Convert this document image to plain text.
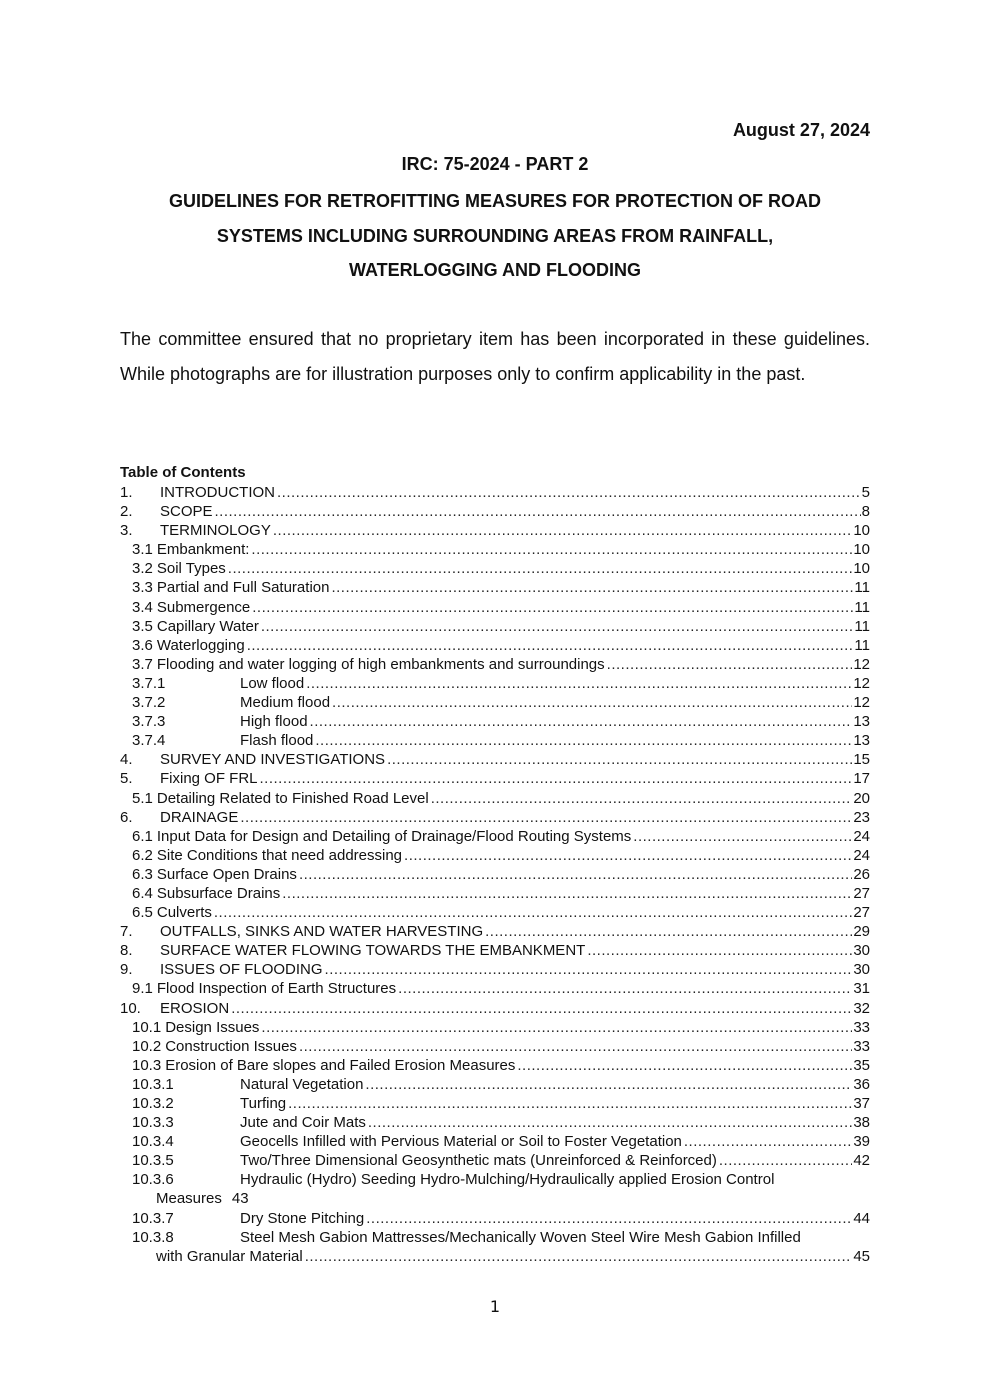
August 27, 2024
IRC: 75-2024 - PART 2
GUIDELINES FOR RETROFITTING MEASURES FOR PROTECTION OF ROAD
SYSTEMS INCLUDING SURROUNDING AREAS FROM RAINFALL,
WATERLOGGING AND FLOODING

The committee ensured that no proprietary item has been incorporated in these guidelines. While photographs are for illustration purposes only to confirm applicability in the past.

Table of Contents
1.	INTRODUCTION .....	5
2.	SCOPE .....	8
3.	TERMINOLOGY .....	10
3.1 Embankment: .....	10
3.2 Soil Types .....	10
3.3 Partial and Full Saturation .....	11
3.4 Submergence .....	11
3.5 Capillary Water .....	11
3.6 Waterlogging .....	11
3.7 Flooding and water logging of high embankments and surroundings .....	12
3.7.1	Low flood .....	12
3.7.2	Medium flood .....	12
3.7.3	High flood .....	13
3.7.4	Flash flood .....	13
4.	SURVEY AND INVESTIGATIONS .....	15
5.	Fixing OF FRL .....	17
5.1 Detailing Related to Finished Road Level .....	20
6.	DRAINAGE .....	23
6.1 Input Data for Design and Detailing of Drainage/Flood Routing Systems .....	24
6.2 Site Conditions that need addressing .....	24
6.3 Surface Open Drains .....	26
6.4 Subsurface Drains .....	27
6.5 Culverts .....	27
7.	OUTFALLS, SINKS AND WATER HARVESTING .....	29
8.	SURFACE WATER FLOWING TOWARDS THE EMBANKMENT .....	30
9.	ISSUES OF FLOODING .....	30
9.1 Flood Inspection of Earth Structures .....	31
10.	EROSION .....	32
10.1 Design Issues .....	33
10.2 Construction Issues .....	33
10.3 Erosion of Bare slopes and Failed Erosion Measures .....	35
10.3.1	Natural Vegetation .....	36
10.3.2	Turfing .....	37
10.3.3	Jute and Coir Mats .....	38
10.3.4	Geocells Infilled with Pervious Material or Soil to Foster Vegetation .....	39
10.3.5	Two/Three Dimensional Geosynthetic mats (Unreinforced & Reinforced) .....	42
10.3.6	Hydraulic (Hydro) Seeding Hydro-Mulching/Hydraulically applied Erosion Control
Measures 43
10.3.7	Dry Stone Pitching .....	44
10.3.8	Steel Mesh Gabion Mattresses/Mechanically Woven Steel Wire Mesh Gabion Infilled
with Granular Material .....	45
1
